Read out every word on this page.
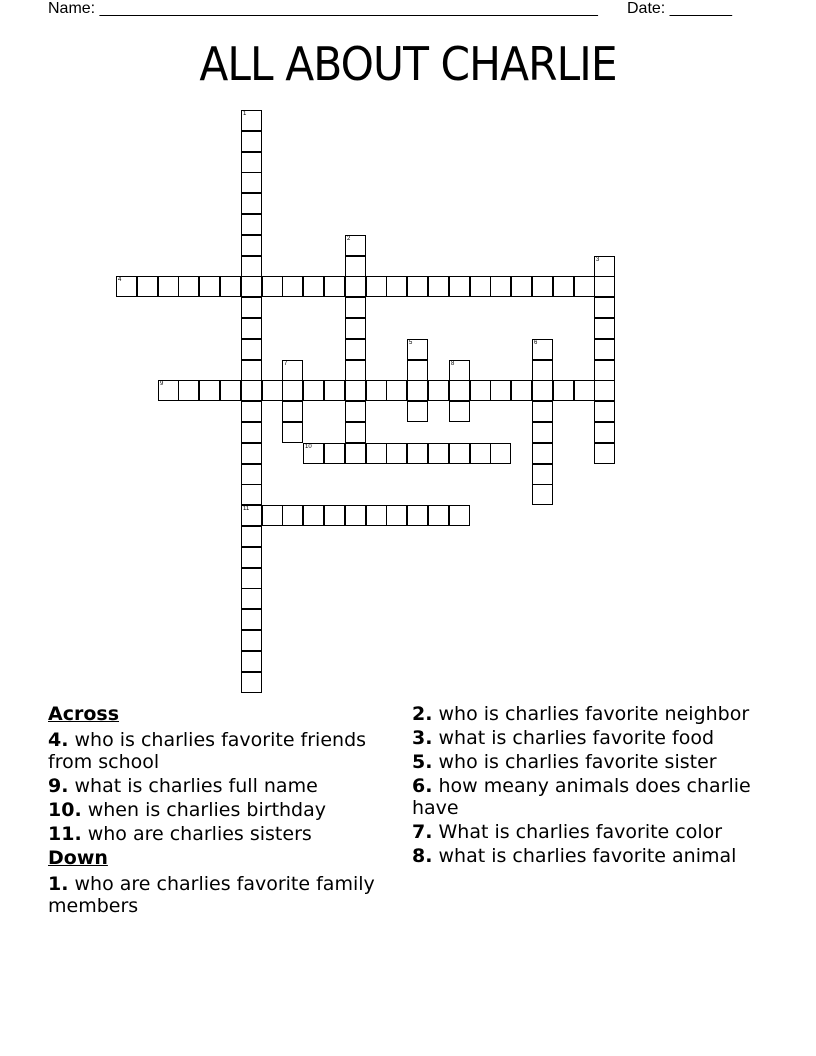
Name: ________________________________________________________ Date: _______
ALL ABOUT CHARLIE
1
11
2
3
4
5	6
7	8
9
10
Across
4. who is charlies favorite friends from school
9. what is charlies full name
10. when is charlies birthday
11. who are charlies sisters
Down
1. who are charlies favorite family members
2. who is charlies favorite neighbor
3. what is charlies favorite food
5. who is charlies favorite sister
6. how meany animals does charlie have
7. What is charlies favorite color
8. what is charlies favorite animal
